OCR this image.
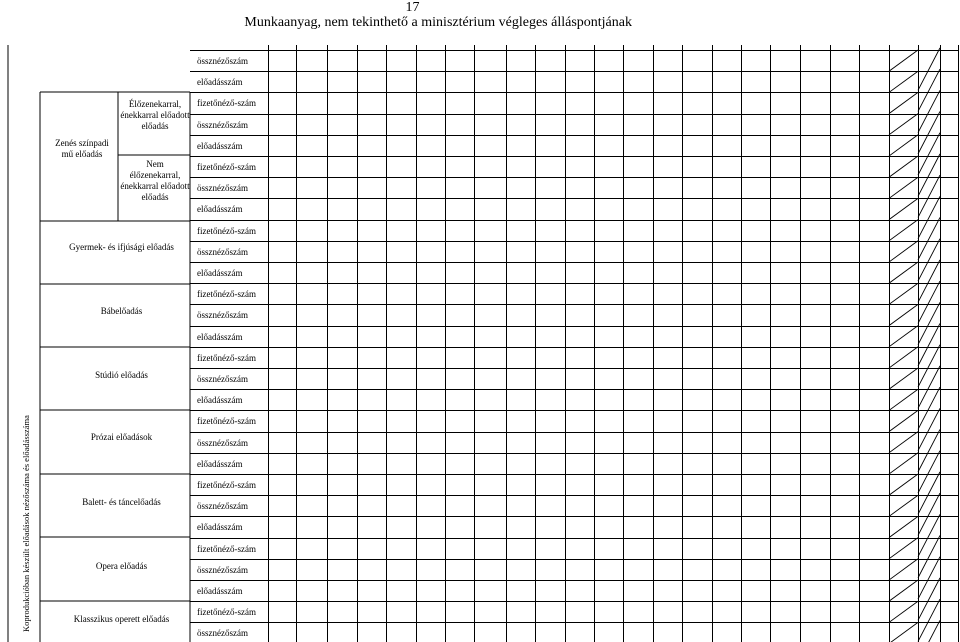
17
Munkaanyag, nem tekinthető a minisztérium végleges álláspontjának
Zenés színpadi mű előadás
Élőzenekarral, énekkarral előadott előadás
Nem élőzenekarral, énekkarral előadott előadás
Gyermek- és ifjúsági előadás
Bábelőadás
Stúdió előadás
Prózai előadások
Balett- és táncelőadás
Opera előadás
Klasszikus operett előadás
Koprodukcióban készült előadások nézőszáma és előadásszáma
össznézőszám
előadásszám
fizetőnéző-szám
össznézőszám
előadásszám
fizetőnéző-szám
össznézőszám
előadásszám
fizetőnéző-szám
össznézőszám
előadásszám
fizetőnéző-szám
össznézőszám
előadásszám
fizetőnéző-szám
össznézőszám
előadásszám
fizetőnéző-szám
össznézőszám
előadásszám
fizetőnéző-szám
össznézőszám
előadásszám
fizetőnéző-szám
össznézőszám
előadásszám
fizetőnéző-szám
össznézőszám
